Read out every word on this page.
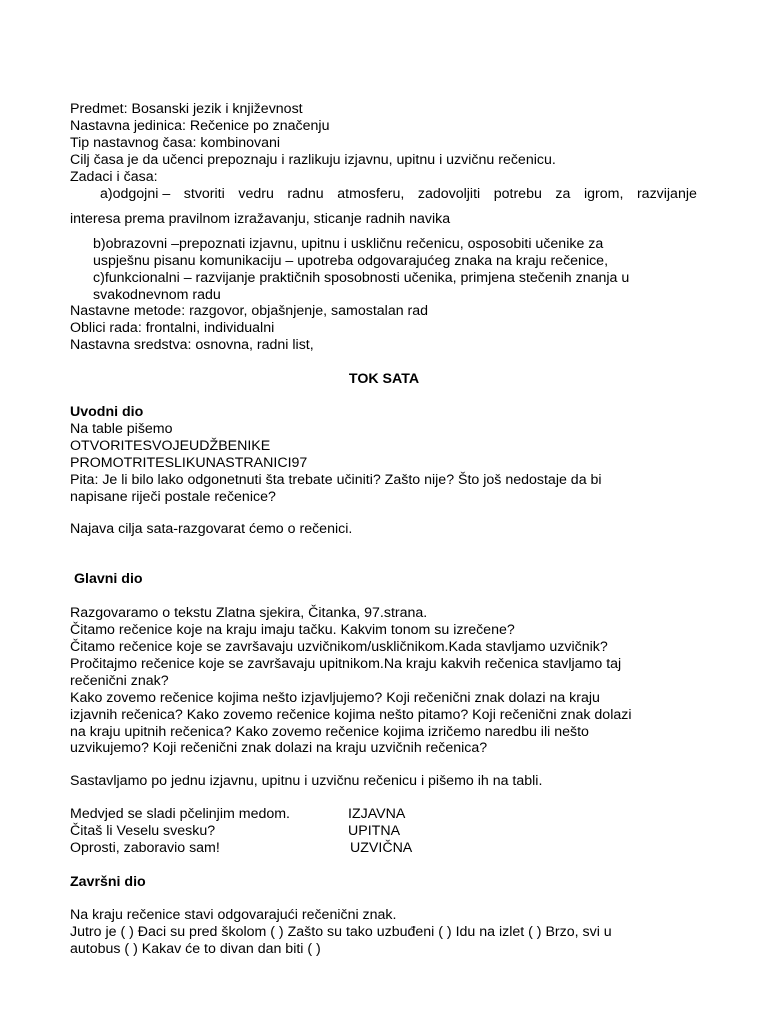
Predmet: Bosanski jezik i književnost
Nastavna jedinica: Rečenice po značenju
Tip nastavnog časa: kombinovani
Cilj časa je da učenci prepoznaju i razlikuju izjavnu, upitnu i uzvičnu rečenicu.
Zadaci i časa:
a)odgojni – stvoriti vedru radnu atmosferu, zadovoljiti potrebu za igrom, razvijanje
interesa prema pravilnom izražavanju, sticanje radnih navika
b)obrazovni –prepoznati izjavnu, upitnu i uskličnu rečenicu, osposobiti učenike za
uspješnu pisanu komunikaciju – upotreba odgovarajućeg znaka na kraju rečenice,
c)funkcionalni – razvijanje praktičnih sposobnosti učenika, primjena stečenih znanja u
svakodnevnom radu
Nastavne metode: razgovor, objašnjenje, samostalan rad
Oblici rada: frontalni, individualni
Nastavna sredstva: osnovna, radni list,
TOK SATA
Uvodni dio
Na table pišemo
OTVORITESVOJEUDŽBENIKE
PROMOTRITESLIKUNASTRANICI97
Pita: Je li bilo lako odgonetnuti šta trebate učiniti? Zašto nije? Što još nedostaje da bi
napisane riječi postale rečenice?
Najava cilja sata-razgovarat ćemo o rečenici.
Glavni dio
Razgovaramo o tekstu Zlatna sjekira, Čitanka, 97.strana.
Čitamo rečenice koje na kraju imaju tačku. Kakvim tonom su izrečene?
Čitamo rečenice koje se završavaju uzvičnikom/uskličnikom.Kada stavljamo uzvičnik?
Pročitajmo rečenice koje se završavaju upitnikom.Na kraju kakvih rečenica stavljamo taj
rečenični znak?
Kako zovemo rečenice kojima nešto izjavljujemo? Koji rečenični znak dolazi na kraju
izjavnih rečenica? Kako zovemo rečenice kojima nešto pitamo? Koji rečenični znak dolazi
na kraju upitnih rečenica? Kako zovemo rečenice kojima izričemo naredbu ili nešto
uzvikujemo? Koji rečenični znak dolazi na kraju uzvičnih rečenica?
Sastavljamo po jednu izjavnu, upitnu i uzvičnu rečenicu i pišemo ih na tabli.
Medvjed se sladi pčelinjim medom.	IZJAVNA
Čitaš li Veselu svesku?	UPITNA
Oprosti, zaboravio sam!	UZVIČNA
Završni dio
Na kraju rečenice stavi odgovarajući rečenični znak.
Jutro je ( ) Đaci su pred školom ( ) Zašto su tako uzbuđeni ( ) Idu na izlet ( ) Brzo, svi u
autobus ( ) Kakav će to divan dan biti ( )
